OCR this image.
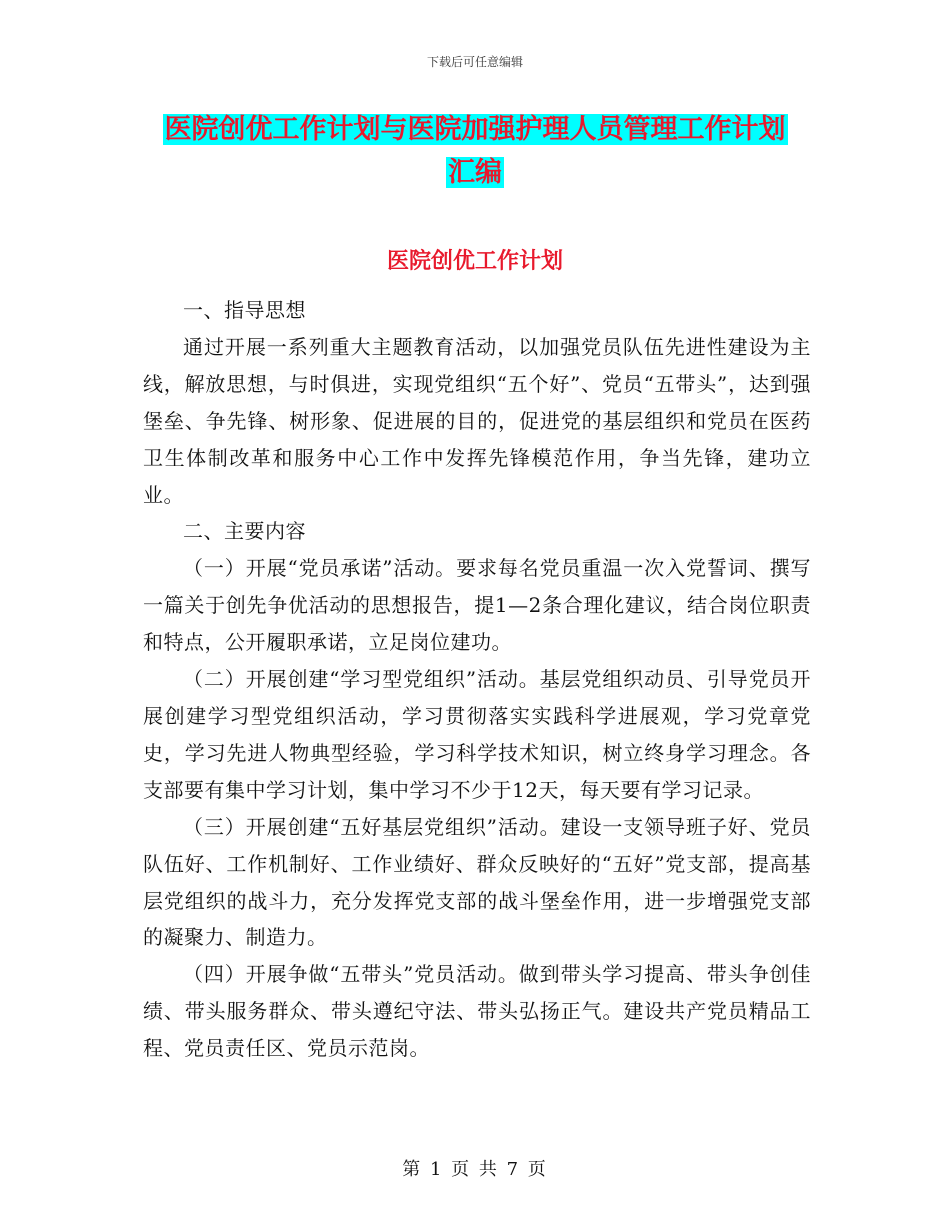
下载后可任意编辑
医院创优工作计划与医院加强护理人员管理工作计划
汇编
医院创优工作计划

一、指导思想

通过开展一系列重大主题教育活动，以加强党员队伍先进性建设为主线，解放思想，与时俱进，实现党组织“五个好”、党员“五带头”，达到强堡垒、争先锋、树形象、促进展的目的，促进党的基层组织和党员在医药卫生体制改革和服务中心工作中发挥先锋模范作用，争当先锋，建功立业。

二、主要内容

（一）开展“党员承诺”活动。要求每名党员重温一次入党誓词、撰写一篇关于创先争优活动的思想报告，提1—2条合理化建议，结合岗位职责和特点，公开履职承诺，立足岗位建功。

（二）开展创建“学习型党组织”活动。基层党组织动员、引导党员开展创建学习型党组织活动，学习贯彻落实实践科学进展观，学习党章党史，学习先进人物典型经验，学习科学技术知识，树立终身学习理念。各支部要有集中学习计划，集中学习不少于12天，每天要有学习记录。

（三）开展创建“五好基层党组织”活动。建设一支领导班子好、党员队伍好、工作机制好、工作业绩好、群众反映好的“五好”党支部，提高基层党组织的战斗力，充分发挥党支部的战斗堡垒作用，进一步增强党支部的凝聚力、制造力。

（四）开展争做“五带头”党员活动。做到带头学习提高、带头争创佳绩、带头服务群众、带头遵纪守法、带头弘扬正气。建设共产党员精品工程、党员责任区、党员示范岗。

第 1 页 共 7 页
